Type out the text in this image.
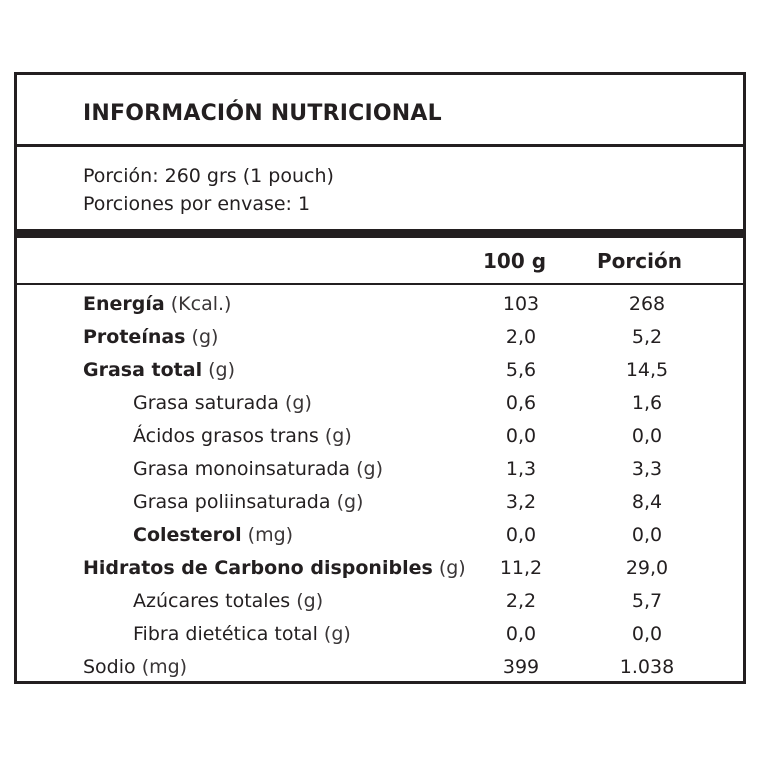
INFORMACIÓN NUTRICIONAL
Porción: 260 grs (1 pouch)
Porciones por envase: 1
100 g	Porción
Energía (Kcal.)	103	268
Proteínas (g)	2,0	5,2
Grasa total (g)	5,6	14,5
Grasa saturada (g)	0,6	1,6
Ácidos grasos trans (g)	0,0	0,0
Grasa monoinsaturada (g)	1,3	3,3
Grasa poliinsaturada (g)	3,2	8,4
Colesterol (mg)	0,0	0,0
Hidratos de Carbono disponibles (g)	11,2	29,0
Azúcares totales (g)	2,2	5,7
Fibra dietética total (g)	0,0	0,0
Sodio (mg)	399	1.038
